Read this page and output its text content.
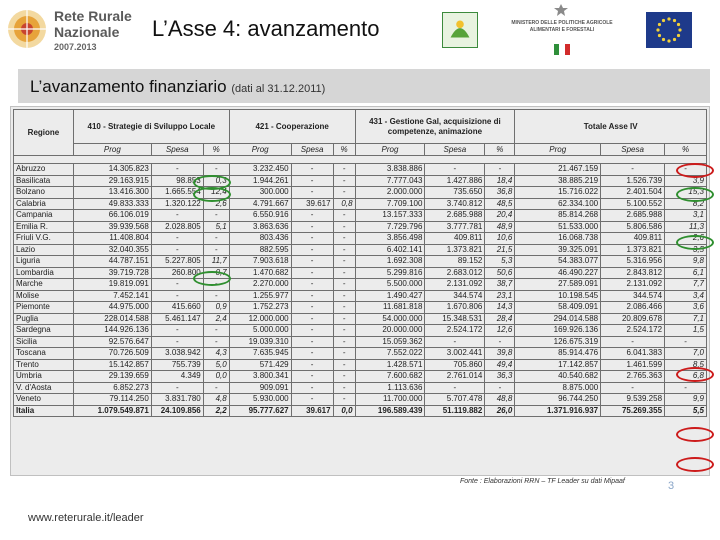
Rete Rurale
Nazionale
2007.2013
L’Asse 4: avanzamento	MINISTERO DELLE POLITICHE AGRICOLE ALIMENTARI E FORESTALI
L’avanzamento finanziario (dati al 31.12.2011)
Regione	410 - Strategie di Sviluppo Locale			421 - Cooperazione			431 - Gestione Gal, acquisizione di competenze, animazione			Totale Asse IV		
	Prog	Spesa	%	Prog	Spesa	%	Prog	Spesa	%	Prog	Spesa	%

Abruzzo	14.305.823	-	-	3.232.450	-	-	3.838.886	-	-	21.467.159	-	-
Basilicata	29.163.915	98.853	0,3	1.944.261	-	-	7.777.043	1.427.886	18,4	38.885.219	1.526.739	3,9
Bolzano	13.416.300	1.665.554	12,4	300.000	-	-	2.000.000	735.650	36,8	15.716.022	2.401.504	15,3
Calabria	49.833.333	1.320.122	2,6	4.791.667	39.617	0,8	7.709.100	3.740.812	48,5	62.334.100	5.100.552	8,2
Campania	66.106.019	-	-	6.550.916	-	-	13.157.333	2.685.988	20,4	85.814.268	2.685.988	3,1
Emilia R.	39.939.568	2.028.805	5,1	3.863.636	-	-	7.729.796	3.777.781	48,9	51.533.000	5.806.586	11,3
Friuli V.G.	11.408.804	-	-	803.436	-	-	3.856.498	409.811	10,6	16.068.738	409.811	2,6
Lazio	32.040.355	-	-	882.595	-	-	6.402.141	1.373.821	21,5	39.325.091	1.373.821	3,5
Liguria	44.787.151	5.227.805	11,7	7.903.618	-	-	1.692.308	89.152	5,3	54.383.077	5.316.956	9,8
Lombardia	39.719.728	260.800	0,7	1.470.682	-	-	5.299.816	2.683.012	50,6	46.490.227	2.843.812	6,1
Marche	19.819.091	-	-	2.270.000	-	-	5.500.000	2.131.092	38,7	27.589.091	2.131.092	7,7
Molise	7.452.141	-	-	1.255.977	-	-	1.490.427	344.574	23,1	10.198.545	344.574	3,4
Piemonte	44.975.000	415.660	0,9	1.752.273	-	-	11.681.818	1.670.806	14,3	58.409.091	2.086.466	3,6
Puglia	228.014.588	5.461.147	2,4	12.000.000	-	-	54.000.000	15.348.531	28,4	294.014.588	20.809.678	7,1
Sardegna	144.926.136	-	-	5.000.000	-	-	20.000.000	2.524.172	12,6	169.926.136	2.524.172	1,5
Sicilia	92.576.647	-	-	19.039.310	-	-	15.059.362	-	-	126.675.319	-	-
Toscana	70.726.509	3.038.942	4,3	7.635.945	-	-	7.552.022	3.002.441	39,8	85.914.476	6.041.383	7,0
Trento	15.142.857	755.739	5,0	571.429	-	-	1.428.571	705.860	49,4	17.142.857	1.461.599	8,5
Umbria	29.139.659	4.349	0,0	3.800.341	-	-	7.600.682	2.761.014	36,3	40.540.682	2.765.363	6,8
V. d'Aosta	6.852.273	-	-	909.091	-	-	1.113.636	-	-	8.875.000	-	-
Veneto	79.114.250	3.831.780	4,8	5.930.000	-	-	11.700.000	5.707.478	48,8	96.744.250	9.539.258	9,9
Italia	1.079.549.871	24.109.856	2,2	95.777.627	39.617	0,0	196.589.439	51.119.882	26,0	1.371.916.937	75.269.355	5,5
Fonte : Elaborazioni RRN – TF Leader su dati Mipaaf
www.reterurale.it/leader
3
